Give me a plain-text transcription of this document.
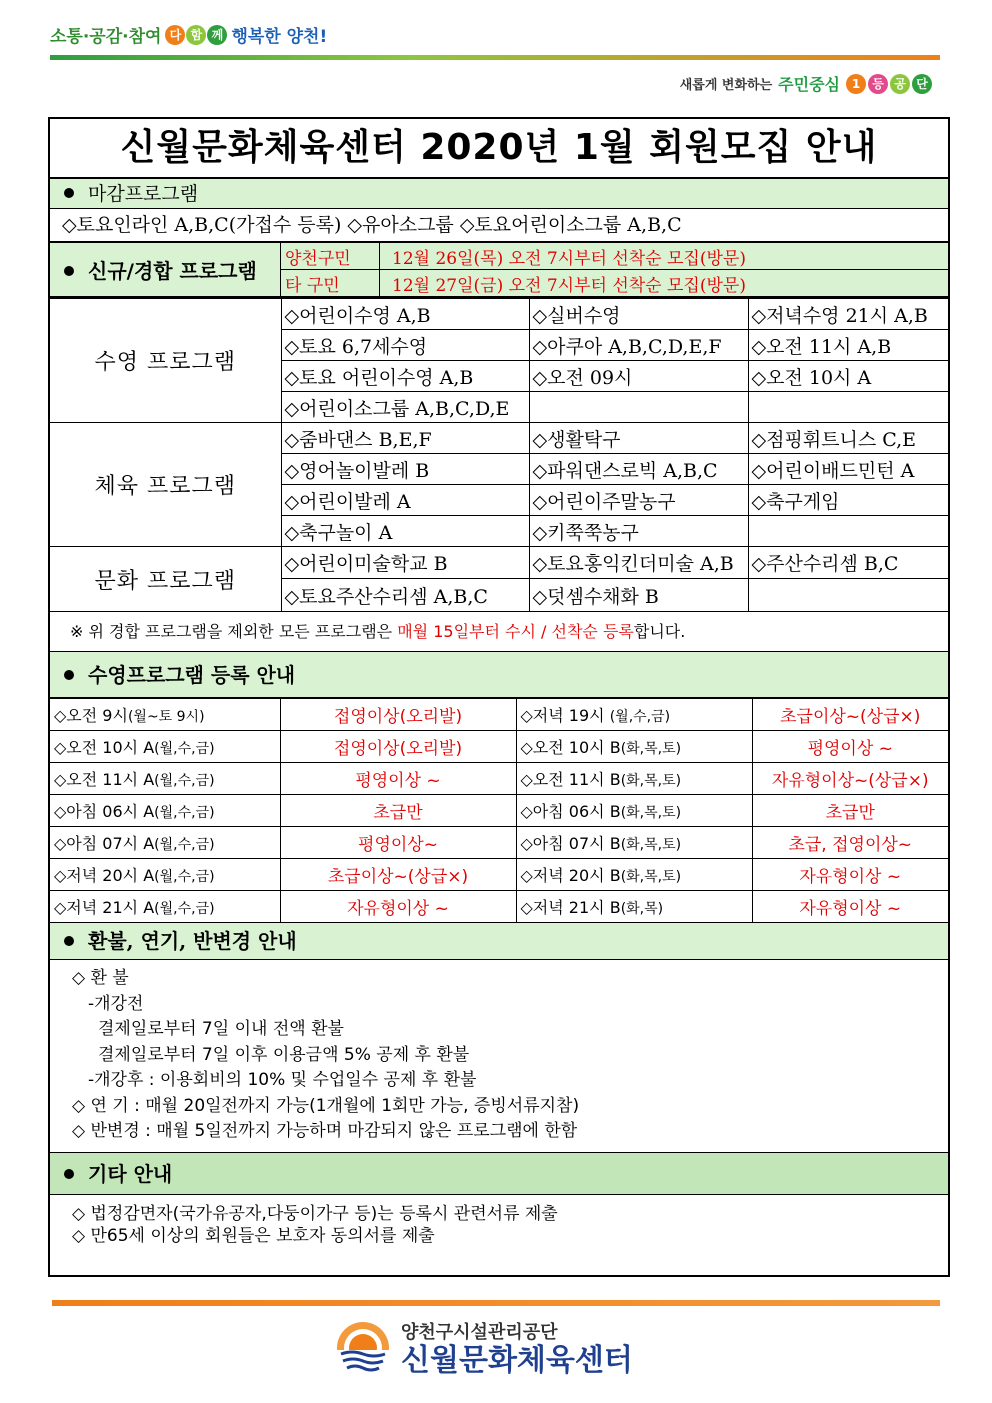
소통·공감·참여 다 함 께 행복한 양천!
새롭게 변화하는 주민중심 1	등 공 단
신월문화체육센터 2020년 1월 회원모집 안내
마감프로그램
◇토요인라인 A,B,C(가접수 등록) ◇유아소그룹 ◇토요어린이소그룹 A,B,C
신규/경합 프로그램	양천구민	12월 26일(목) 오전 7시부터 선착순 모집(방문)
	타 구민	12월 27일(금) 오전 7시부터 선착순 모집(방문)
수영 프로그램	◇어린이수영 A,B	◇실버수영	◇저녁수영 21시 A,B
	◇토요 6,7세수영	◇아쿠아 A,B,C,D,E,F	◇오전 11시 A,B
	◇토요 어린이수영 A,B	◇오전 09시	◇오전 10시 A
	◇어린이소그룹 A,B,C,D,E		
체육 프로그램	◇줌바댄스 B,E,F	◇생활탁구	◇점핑휘트니스 C,E
	◇영어놀이발레 B	◇파워댄스로빅 A,B,C	◇어린이배드민턴 A
	◇어린이발레 A	◇어린이주말농구	◇축구게임
	◇축구놀이 A	◇키쭉쭉농구	
문화 프로그램	◇어린이미술학교 B	◇토요홍익킨더미술 A,B	◇주산수리셈 B,C
	◇토요주산수리셈 A,B,C	◇덧셈수채화 B	
※ 위 경합 프로그램을 제외한 모든 프로그램은 매월 15일부터 수시 / 선착순 등록합니다.
수영프로그램 등록 안내
◇오전 9시(월~토 9시)	접영이상(오리발)	◇저녁 19시 (월,수,금)	초급이상~(상급×)
◇오전 10시 A(월,수,금)	접영이상(오리발)	◇오전 10시 B(화,목,토)	평영이상 ~
◇오전 11시 A(월,수,금)	평영이상 ~	◇오전 11시 B(화,목,토)	자유형이상~(상급×)
◇아침 06시 A(월,수,금)	초급만	◇아침 06시 B(화,목,토)	초급만
◇아침 07시 A(월,수,금)	평영이상~	◇아침 07시 B(화,목,토)	초급, 접영이상~
◇저녁 20시 A(월,수,금)	초급이상~(상급×)	◇저녁 20시 B(화,목,토)	자유형이상 ~
◇저녁 21시 A(월,수,금)	자유형이상 ~	◇저녁 21시 B(화,목)	자유형이상 ~
환불, 연기, 반변경 안내
◇ 환 불
-개강전
결제일로부터 7일 이내 전액 환불
결제일로부터 7일 이후 이용금액 5% 공제 후 환불
-개강후 : 이용회비의 10% 및 수업일수 공제 후 환불
◇ 연 기 : 매월 20일전까지 가능(1개월에 1회만 가능, 증빙서류지참)
◇ 반변경 : 매월 5일전까지 가능하며 마감되지 않은 프로그램에 한함
기타 안내
◇ 법정감면자(국가유공자,다둥이가구 등)는 등록시 관련서류 제출
◇ 만65세 이상의 회원들은 보호자 동의서를 제출
양천구시설관리공단
신월문화체육센터
